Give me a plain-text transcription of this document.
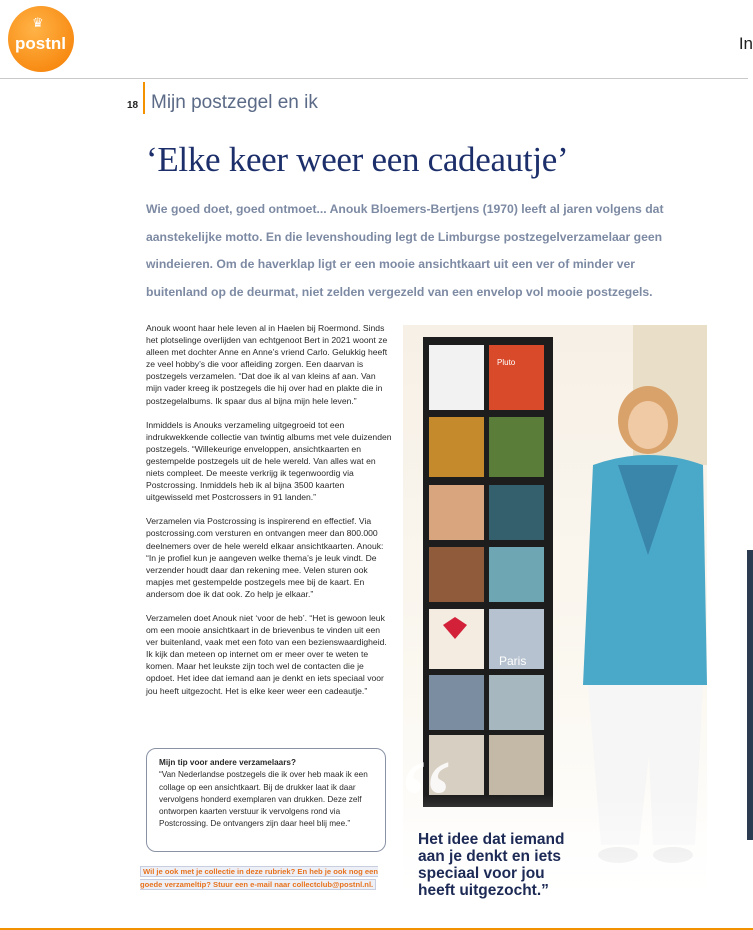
♛
postnl	In
18 Mijn postzegel en ik
‘Elke keer weer een cadeautje’
Wie goed doet, goed ontmoet... Anouk Bloemers-Bertjens (1970) leeft al jaren volgens dat aanstekelijke motto. En die levenshouding legt de Limburgse postzegelverzamelaar geen windeieren. Om de haverklap ligt er een mooie ansichtkaart uit een ver of minder ver buitenland op de deurmat, niet zelden vergezeld van een envelop vol mooie postzegels.

Anouk woont haar hele leven al in Haelen bij Roermond. Sinds het plotselinge overlijden van echtgenoot Bert in 2021 woont ze alleen met dochter Anne en Anne’s vriend Carlo. Gelukkig heeft ze veel hobby’s die voor afleiding zorgen. Een daarvan is postzegels verzamelen. “Dat doe ik al van kleins af aan. Van mijn vader kreeg ik postzegels die hij over had en plakte die in postzegelalbums. Ik spaar dus al bijna mijn hele leven.”

Inmiddels is Anouks verzameling uitgegroeid tot een indrukwekkende collectie van twintig albums met vele duizenden postzegels. “Willekeurige enveloppen, ansichtkaarten en gestempelde postzegels uit de hele wereld. Van alles wat en niets compleet. De meeste verkrijg ik tegenwoordig via Postcrossing. Inmiddels heb ik al bijna 3500 kaarten uitgewisseld met Postcrossers in 91 landen.”

Verzamelen via Postcrossing is inspirerend en effectief. Via postcrossing.com versturen en ontvangen meer dan 800.000 deelnemers over de hele wereld elkaar ansichtkaarten. Anouk: “In je profiel kun je aangeven welke thema’s je leuk vindt. De verzender houdt daar dan rekening mee. Velen sturen ook mapjes met gestempelde postzegels mee bij de kaart. En andersom doe ik dat ook. Zo help je elkaar.”

Verzamelen doet Anouk niet ‘voor de heb’. “Het is gewoon leuk om een mooie ansichtkaart in de brievenbus te vinden uit een ver buitenland, vaak met een foto van een bezienswaardigheid. Ik kijk dan meteen op internet om er meer over te weten te komen. Maar het leukste zijn toch wel de contacten die je opdoet. Het idee dat iemand aan je denkt en iets speciaal voor jou heeft uitgezocht. Het is elke keer weer een cadeautje.”

Mijn tip voor andere verzamelaars?
“Van Nederlandse postzegels die ik over heb maak ik een collage op een ansichtkaart. Bij de drukker laat ik daar vervolgens honderd exemplaren van drukken. Deze zelf ontworpen kaarten verstuur ik vervolgens rond via Postcrossing. De ontvangers zijn daar heel blij mee.”
Wil je ook met je collectie in deze rubriek? En heb je ook nog een goede verzameltip? Stuur een e-mail naar collectclub@postnl.nl.
Pluto
Paris
“
Het idee dat iemand aan je denkt en iets speciaal voor jou heeft uitgezocht.”
